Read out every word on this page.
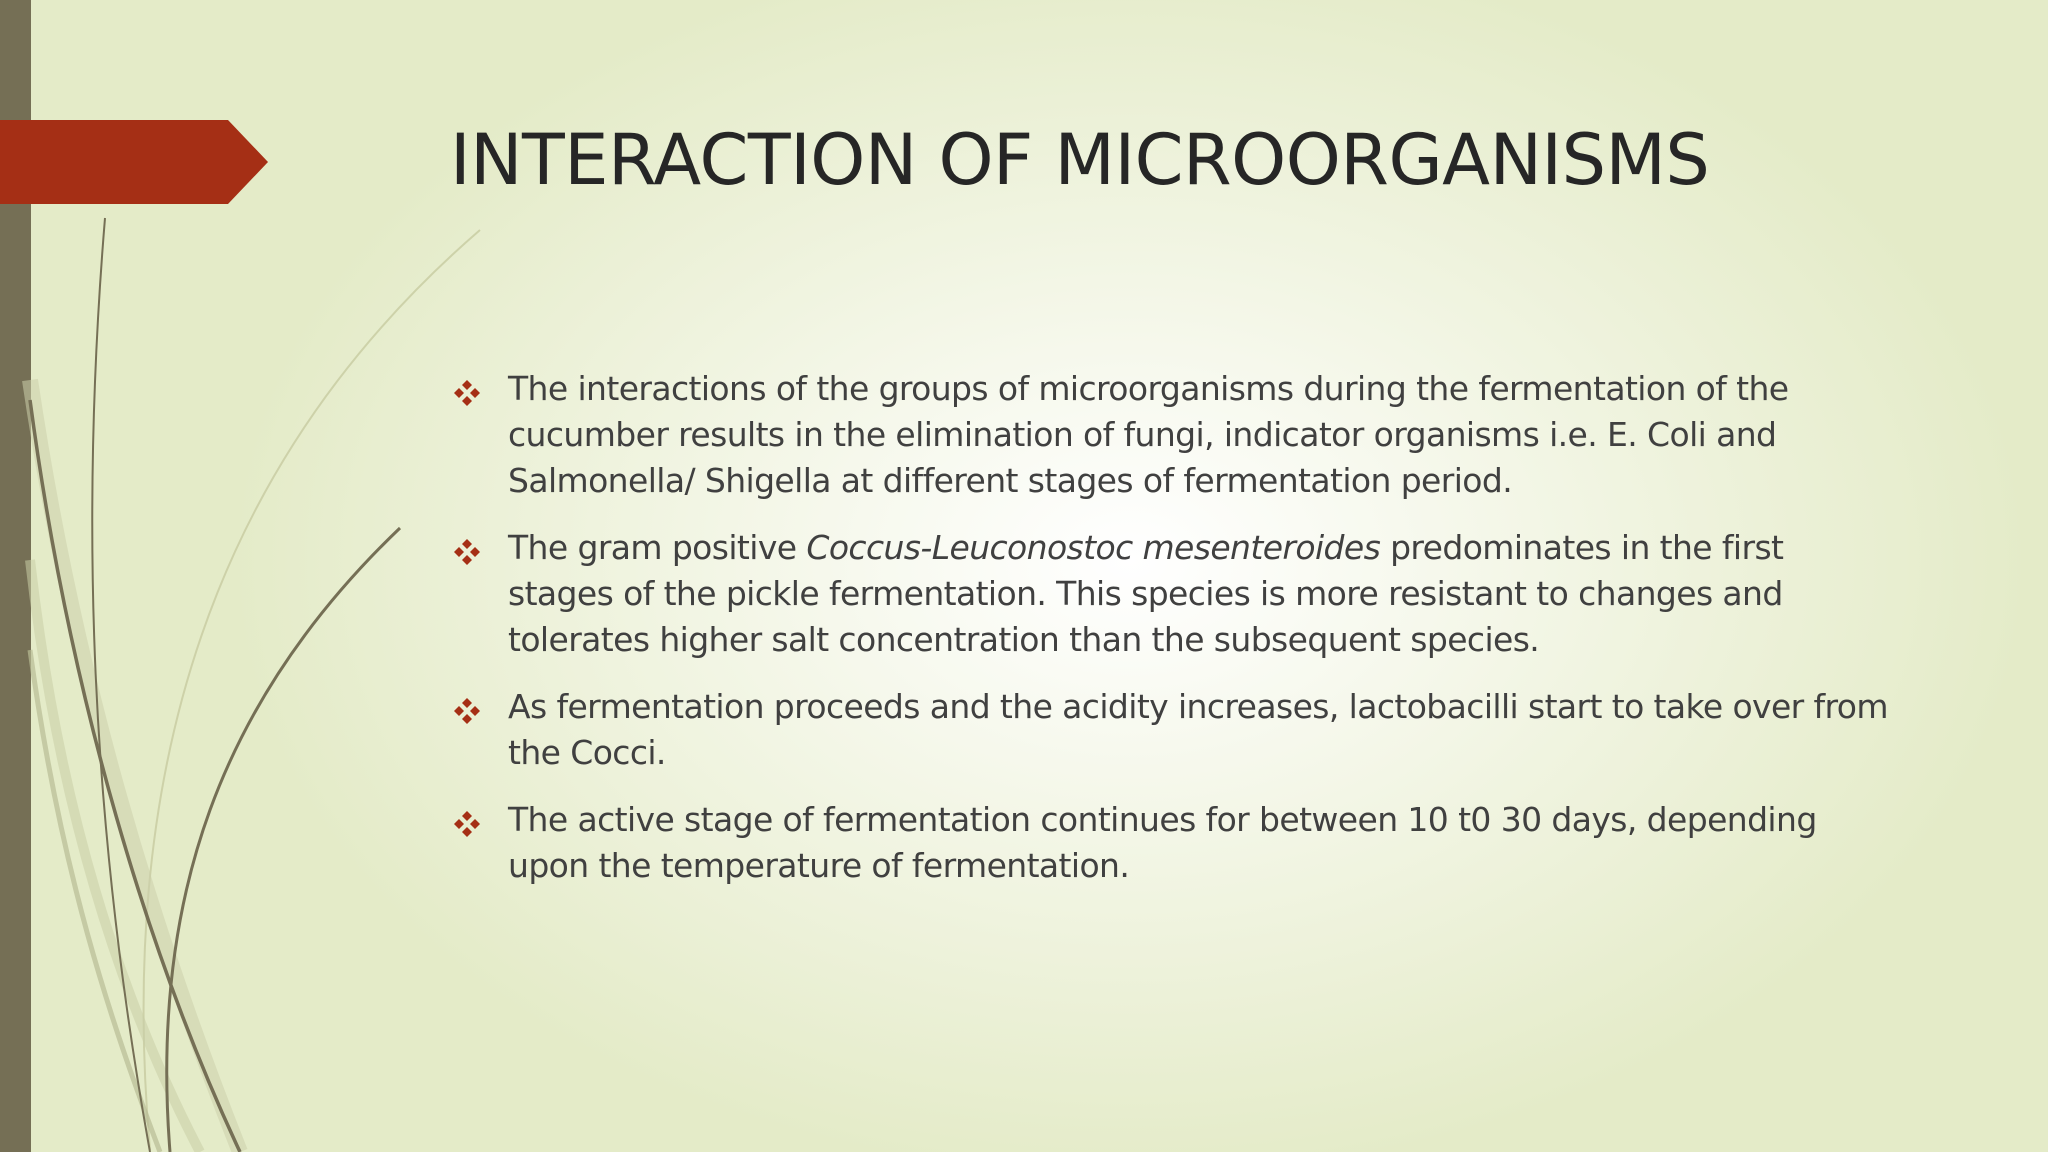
INTERACTION OF MICROORGANISMS
The interactions of the groups of microorganisms during the fermentation of the cucumber results in the elimination of fungi, indicator organisms i.e. E. Coli and Salmonella/ Shigella at different stages of fermentation period.
The gram positive Coccus-Leuconostoc mesenteroides predominates in the first stages of the pickle fermentation. This species is more resistant to changes and tolerates higher salt concentration than the subsequent species.
As fermentation proceeds and the acidity increases, lactobacilli start to take over from the Cocci.
The active stage of fermentation continues for between 10 t0 30 days, depending upon the temperature of fermentation.
